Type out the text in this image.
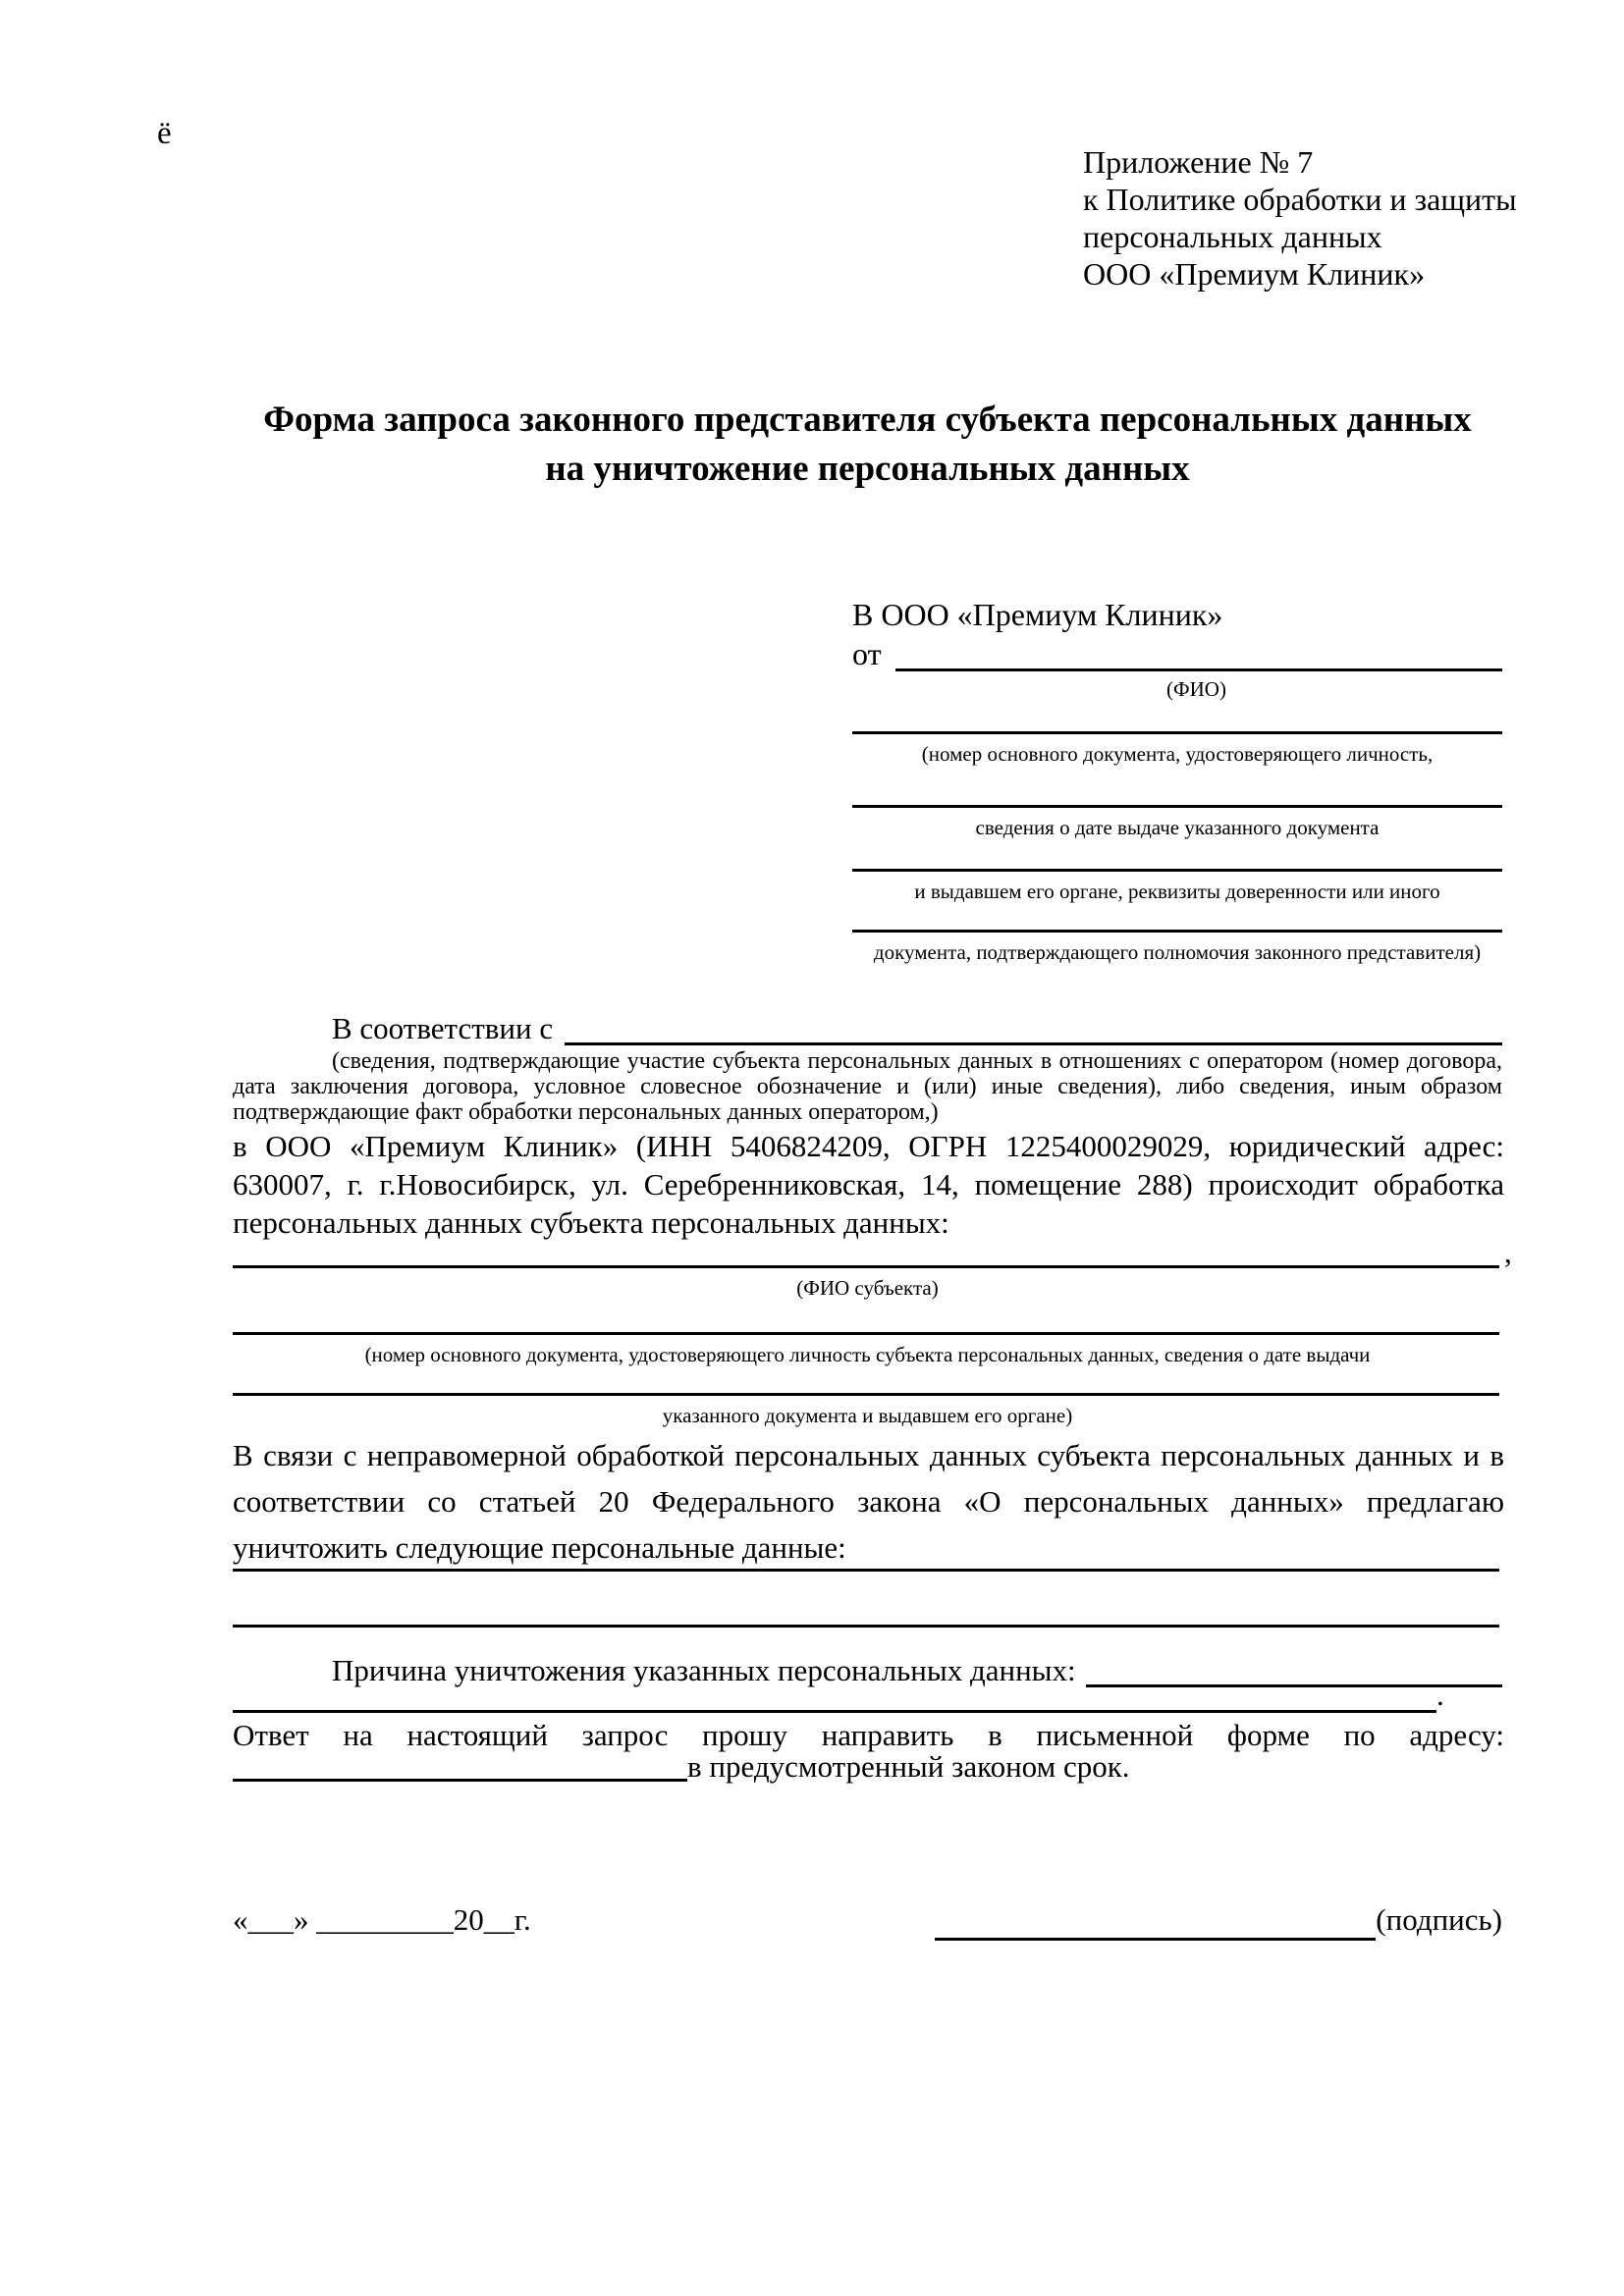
ё
Приложение № 7
к Политике обработки и защиты
персональных данных
ООО «Премиум Клиник»
Форма запроса законного представителя субъекта персональных данных
на уничтожение персональных данных
В ООО «Премиум Клиник»
от
(ФИО)
(номер основного документа, удостоверяющего личность,
сведения о дате выдаче указанного документа
и выдавшем его органе, реквизиты доверенности или иного
документа, подтверждающего полномочия законного представителя)
В соответствии с
(сведения, подтверждающие участие субъекта персональных данных в отношениях с оператором (номер договора, дата заключения договора, условное словесное обозначение и (или) иные сведения), либо сведения, иным образом подтверждающие факт обработки персональных данных оператором,)
в ООО «Премиум Клиник» (ИНН 5406824209, ОГРН 1225400029029, юридический адрес: 630007, г. г.Новосибирск, ул. Серебренниковская, 14, помещение 288) происходит обработка персональных данных субъекта персональных данных:
,
(ФИО субъекта)
(номер основного документа, удостоверяющего личность субъекта персональных данных, сведения о дате выдачи
указанного документа и выдавшем его органе)
В связи с неправомерной обработкой персональных данных субъекта персональных данных и в соответствии со статьей 20 Федерального закона «О персональных данных» предлагаю уничтожить следующие персональные данные:
Причина уничтожения указанных персональных данных:
.
Ответ на настоящий запрос прошу направить в письменной форме по адресу:
в предусмотренный законом срок.
«___» _________20__г.	(подпись)
